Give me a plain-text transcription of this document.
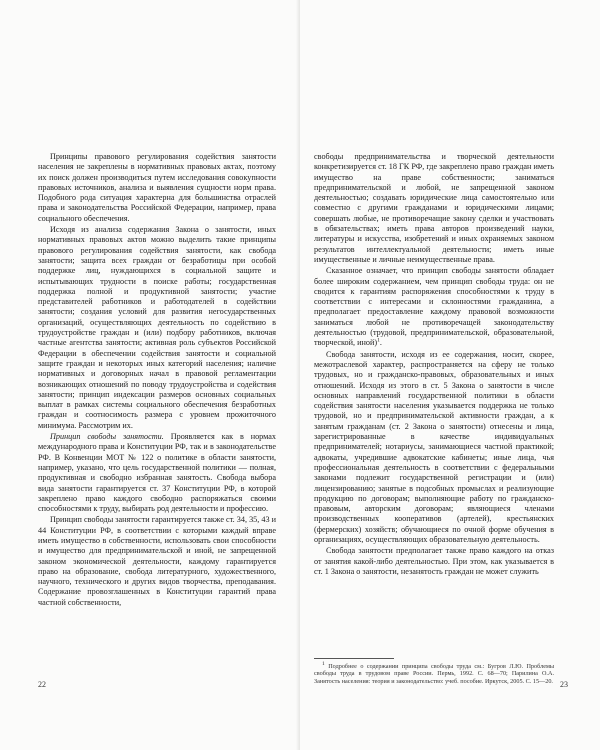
Принципы правового регулирования содействия занятости населения не закреплены в нормативных правовых актах, поэтому их поиск должен производиться путем исследования совокупности правовых источников, анализа и выявления сущности норм права. Подобного рода ситуация характерна для большинства отраслей права и законодательства Российской Федерации, например, права социального обеспечения.

Исходя из анализа содержания Закона о занятости, иных нормативных правовых актов можно выделить такие принципы правового регулирования содействия занятости, как свобода занятости; защита всех граждан от безработицы при особой поддержке лиц, нуждающихся в социальной защите и испытывающих трудности в поиске работы; государственная поддержка полной и продуктивной занятости; участие представителей работников и работодателей в содействии занятости; создания условий для развития негосударственных организаций, осуществляющих деятельность по содействию в трудоустройстве граждан и (или) подбору работников, включая частные агентства занятости; активная роль субъектов Российской Федерации в обеспечении содействия занятости и социальной защите граждан и некоторых иных категорий населения; наличие нормативных и договорных начал в правовой регламентации возникающих отношений по поводу трудоустройства и содействия занятости; принцип индексации размеров основных социальных выплат в рамках системы социального обеспечения безработных граждан и соотносимость размера с уровнем прожиточного минимума. Рассмотрим их.

Принцип свободы занятости. Проявляется как в нормах международного права и Конституции РФ, так и в законодательстве РФ. В Конвенции МОТ № 122 о политике в области занятости, например, указано, что цель государственной политики — полная, продуктивная и свободно избранная занятость. Свобода выбора вида занятости гарантируется ст. 37 Конституции РФ, в которой закреплено право каждого свободно распоряжаться своими способностями к труду, выбирать род деятельности и профессию.

Принцип свободы занятости гарантируется также ст. 34, 35, 43 и 44 Конституции РФ, в соответствии с которыми каждый вправе иметь имущество в собственности, использовать свои способности и имущество для предпринимательской и иной, не запрещенной законом экономической деятельности, каждому гарантируется право на образование, свобода литературного, художественного, научного, технического и других видов творчества, преподавания. Содержание провозглашенных в Конституции гарантий права частной собственности,

22

свободы предпринимательства и творческой деятельности конкретизируется ст. 18 ГК РФ, где закреплено право граждан иметь имущество на праве собственности; заниматься предпринимательской и любой, не запрещенной законом деятельностью; создавать юридические лица самостоятельно или совместно с другими гражданами и юридическими лицами; совершать любые, не противоречащие закону сделки и участвовать в обязательствах; иметь права авторов произведений науки, литературы и искусства, изобретений и иных охраняемых законом результатов интеллектуальной деятельности; иметь иные имущественные и личные неимущественные права.

Сказанное означает, что принцип свободы занятости обладает более широким содержанием, чем принцип свободы труда: он не сводится к гарантиям распоряжения способностями к труду в соответствии с интересами и склонностями гражданина, а предполагает предоставление каждому правовой возможности заниматься любой не противоречащей законодательству деятельностью (трудовой, предпринимательской, образовательной, творческой, иной)$^1$.

Свобода занятости, исходя из ее содержания, носит, скорее, межотраслевой характер, распространяется на сферу не только трудовых, но и гражданско-правовых, образовательных и иных отношений. Исходя из этого в ст. 5 Закона о занятости в числе основных направлений государственной политики в области содействия занятости населения указывается поддержка не только трудовой, но и предпринимательской активности граждан, а к занятым гражданам (ст. 2 Закона о занятости) отнесены и лица, зарегистрированные в качестве индивидуальных предпринимателей; нотариусы, занимающиеся частной практикой; адвокаты, учредившие адвокатские кабинеты; иные лица, чья профессиональная деятельность в соответствии с федеральными законами подлежит государственной регистрации и (или) лицензированию; занятые в подсобных промыслах и реализующие продукцию по договорам; выполняющие работу по гражданско-правовым, авторским договорам; являющиеся членами производственных кооперативов (артелей), крестьянских (фермерских) хозяйств; обучающиеся по очной форме обучения в организациях, осуществляющих образовательную деятельность.

Свобода занятости предполагает также право каждого на отказ от занятия какой-либо деятельностью. При этом, как указывается в ст. 1 Закона о занятости, незанятость граждан не может служить

$^1$ Подробнее о содержании принципа свободы труда см.: Бугров Л.Ю. Проблемы свободы труда в трудовом праве России. Пермь, 1992. С. 68—70; Парилина О.А. Занятость населения: теория и законодательство: учеб. пособие. Иркутск, 2005. С. 15—20. 23
